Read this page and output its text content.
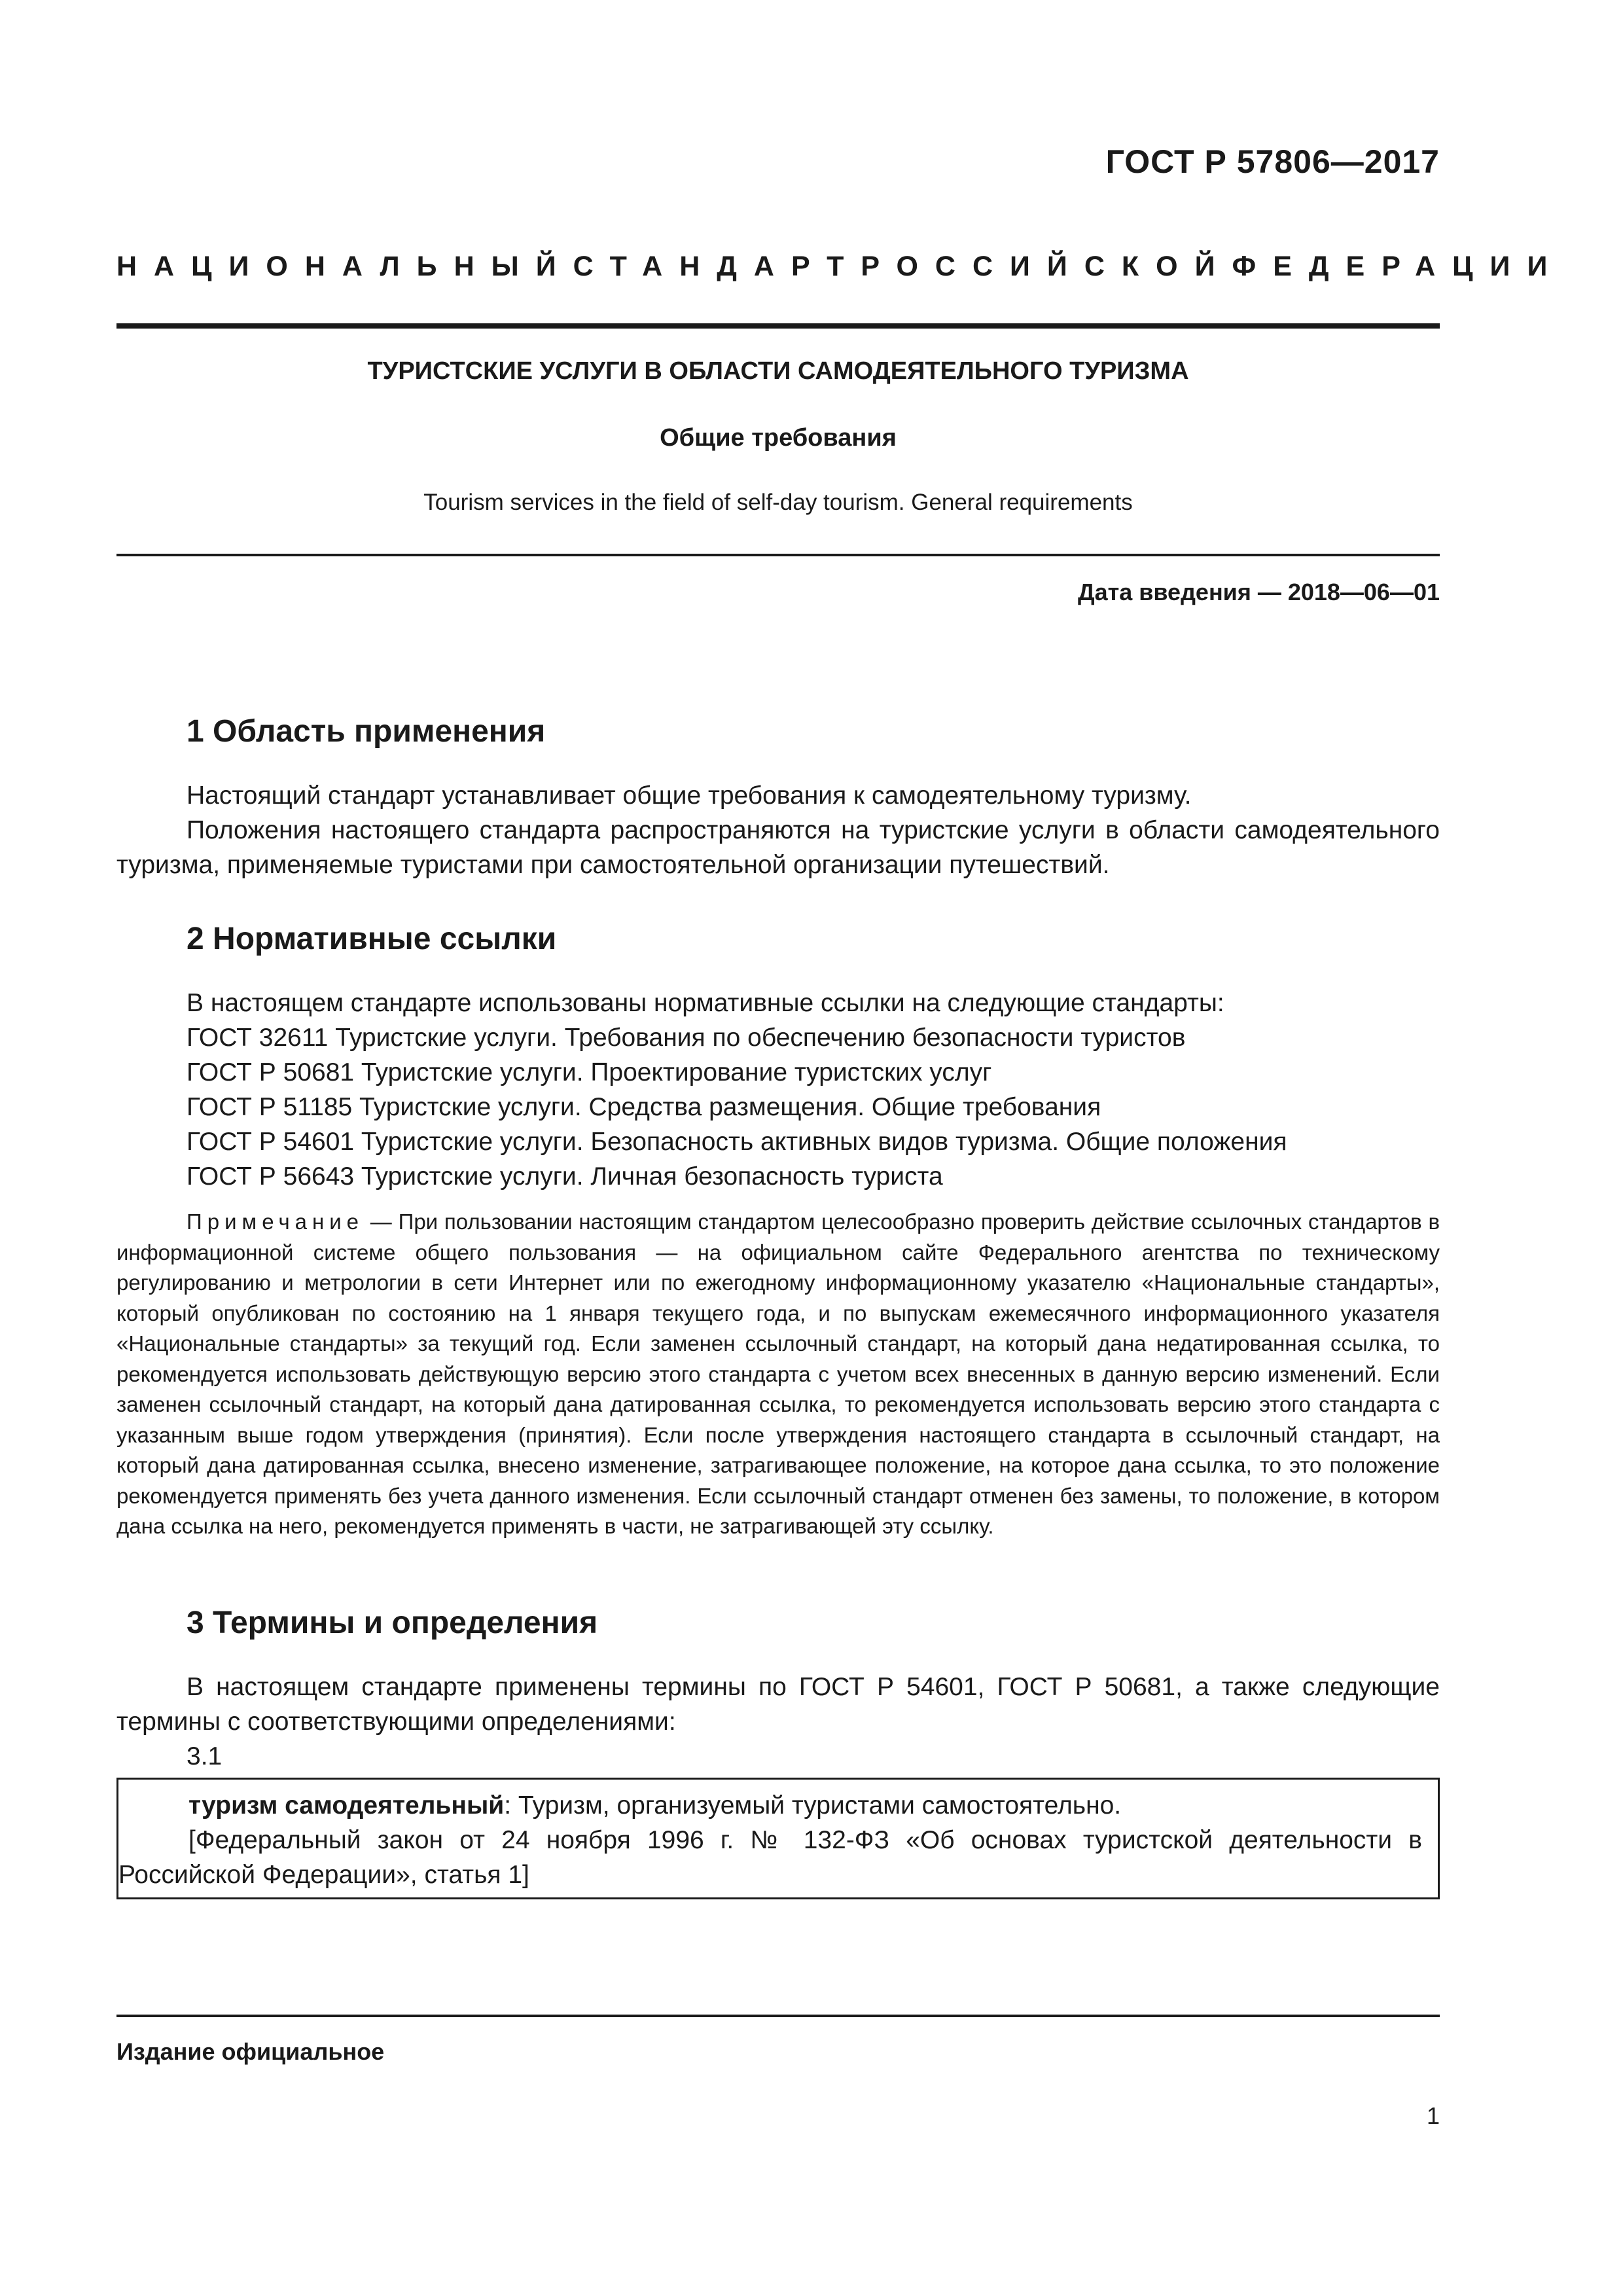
ГОСТ Р 57806—2017
НАЦИОНАЛЬНЫЙ СТАНДАРТ РОССИЙСКОЙ ФЕДЕРАЦИИ
ТУРИСТСКИЕ УСЛУГИ В ОБЛАСТИ САМОДЕЯТЕЛЬНОГО ТУРИЗМА
Общие требования
Tourism services in the field of self-day tourism. General requirements
Дата введения — 2018—06—01
1 Область применения

Настоящий стандарт устанавливает общие требования к самодеятельному туризму.

Положения настоящего стандарта распространяются на туристские услуги в области самодеятельного туризма, применяемые туристами при самостоятельной организации путешествий.

2 Нормативные ссылки

В настоящем стандарте использованы нормативные ссылки на следующие стандарты:

ГОСТ 32611 Туристские услуги. Требования по обеспечению безопасности туристов

ГОСТ Р 50681 Туристские услуги. Проектирование туристских услуг

ГОСТ Р 51185 Туристские услуги. Средства размещения. Общие требования

ГОСТ Р 54601 Туристские услуги. Безопасность активных видов туризма. Общие положения

ГОСТ Р 56643 Туристские услуги. Личная безопасность туриста

Примечание — При пользовании настоящим стандартом целесообразно проверить действие ссылочных стандартов в информационной системе общего пользования — на официальном сайте Федерального агентства по техническому регулированию и метрологии в сети Интернет или по ежегодному информационному указателю «Национальные стандарты», который опубликован по состоянию на 1 января текущего года, и по выпускам ежемесячного информационного указателя «Национальные стандарты» за текущий год. Если заменен ссылочный стандарт, на который дана недатированная ссылка, то рекомендуется использовать действующую версию этого стандарта с учетом всех внесенных в данную версию изменений. Если заменен ссылочный стандарт, на который дана датированная ссылка, то рекомендуется использовать версию этого стандарта с указанным выше годом утверждения (принятия). Если после утверждения настоящего стандарта в ссылочный стандарт, на который дана датированная ссылка, внесено изменение, затрагивающее положение, на которое дана ссылка, то это положение рекомендуется применять без учета данного изменения. Если ссылочный стандарт отменен без замены, то положение, в котором дана ссылка на него, рекомендуется применять в части, не затрагивающей эту ссылку.

3 Термины и определения

В настоящем стандарте применены термины по ГОСТ Р 54601, ГОСТ Р 50681, а также следующие термины с соответствующими определениями:

3.1

туризм самодеятельный: Туризм, организуемый туристами самостоятельно.

[Федеральный закон от 24 ноября 1996 г. № 132-ФЗ «Об основах туристской деятельности в Российской Федерации», статья 1]

Издание официальное
1
